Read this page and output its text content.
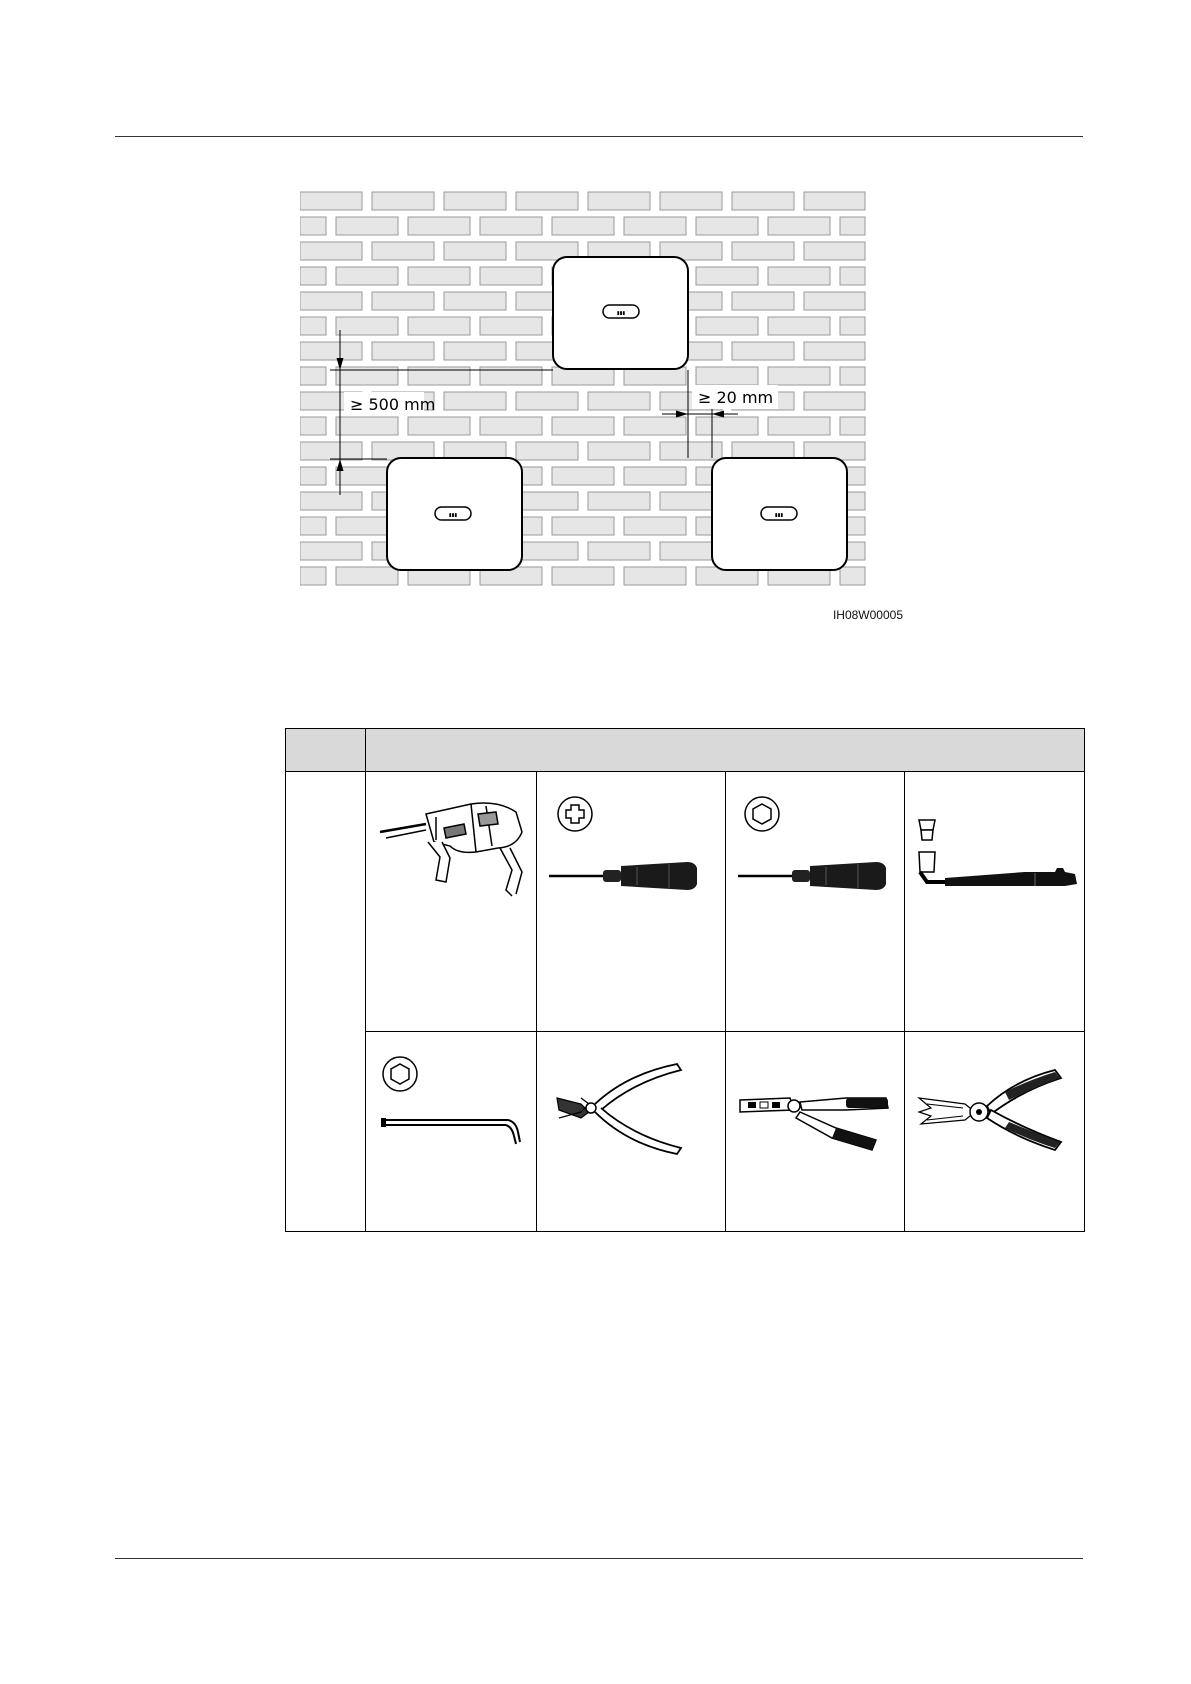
▮▮▮
▮▮▮	▮▮▮
≥ 500 mm	≥ 20 mm
IH08W00005
